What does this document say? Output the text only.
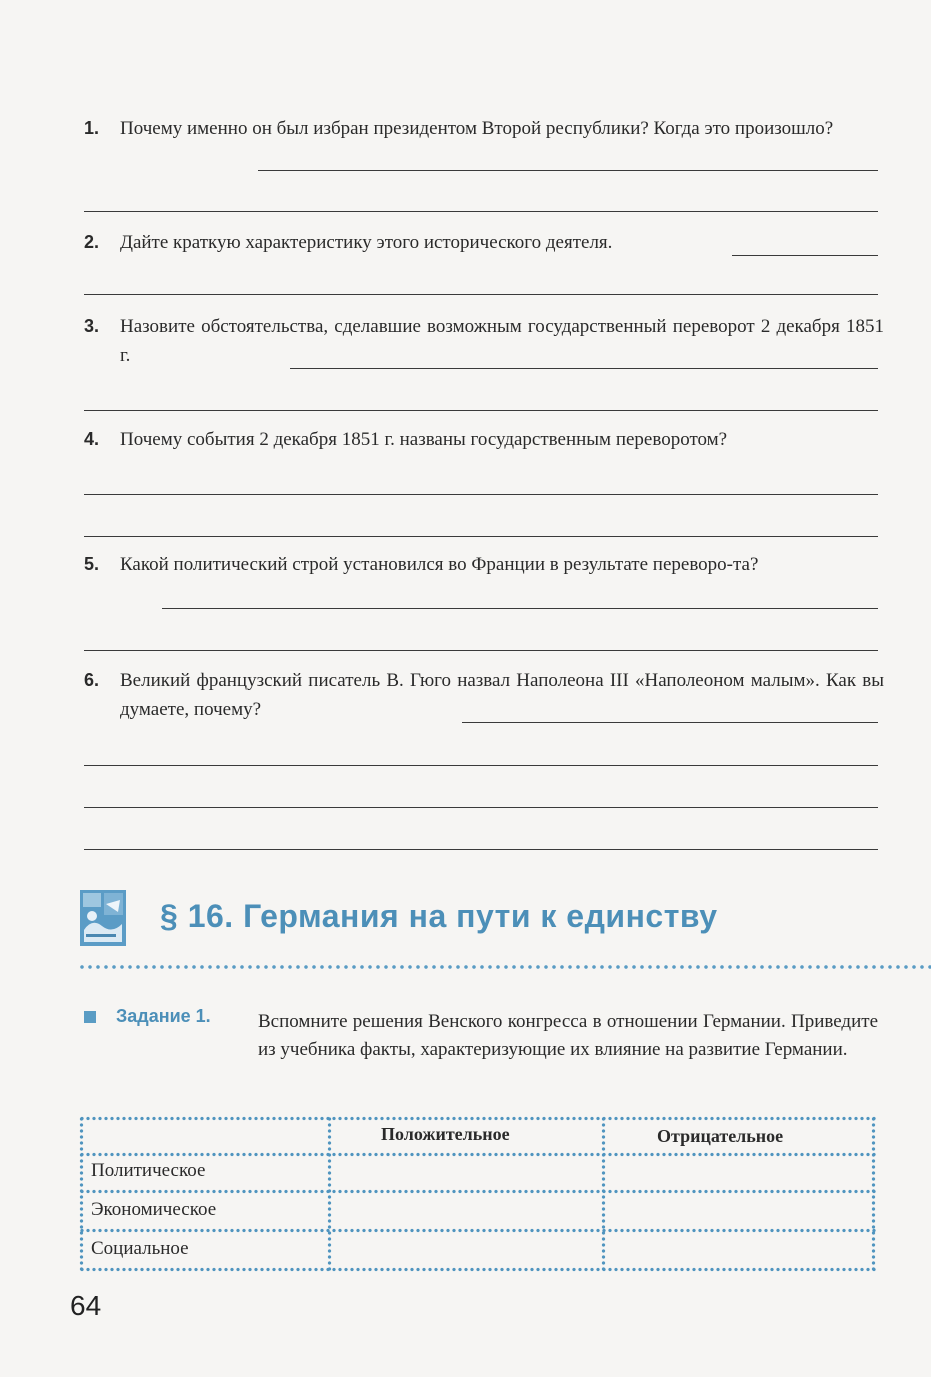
1. Почему именно он был избран президентом Второй республики? Когда это произошло?
2. Дайте краткую характеристику этого исторического деятеля.
3. Назовите обстоятельства, сделавшие возможным государственный переворот 2 декабря 1851 г.
4. Почему события 2 декабря 1851 г. названы государственным переворотом?
5. Какой политический строй установился во Франции в результате переворо-та?
6. Великий французский писатель В. Гюго назвал Наполеона III «Наполеоном малым». Как вы думаете, почему?
§ 16. Германия на пути к единству
Задание 1. Вспомните решения Венского конгресса в отношении Германии. Приведите из учебника факты, характеризующие их влияние на развитие Германии.
Положительное	Отрицательное
Политическое
Экономическое
Социальное
64
